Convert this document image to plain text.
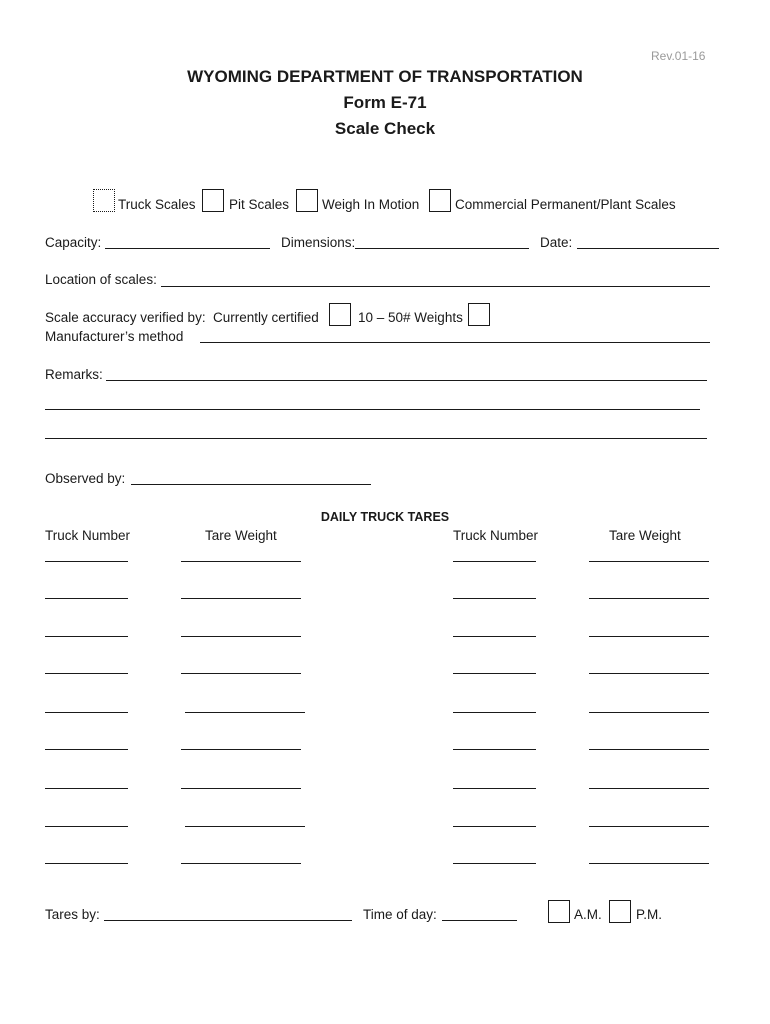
Rev.01-16
WYOMING DEPARTMENT OF TRANSPORTATION
Form E-71
Scale Check
Truck Scales Pit Scales Weigh In Motion	Commercial Permanent/Plant Scales
Capacity:	Dimensions:	Date:
Location of scales:
Scale accuracy verified by: Currently certified	10 – 50# Weights
Manufacturer’s method
Remarks:
Observed by:
DAILY TRUCK TARES
Truck Number	Tare Weight	Truck Number	Tare Weight
Tares by:	Time of day:	A.M.	P.M.
